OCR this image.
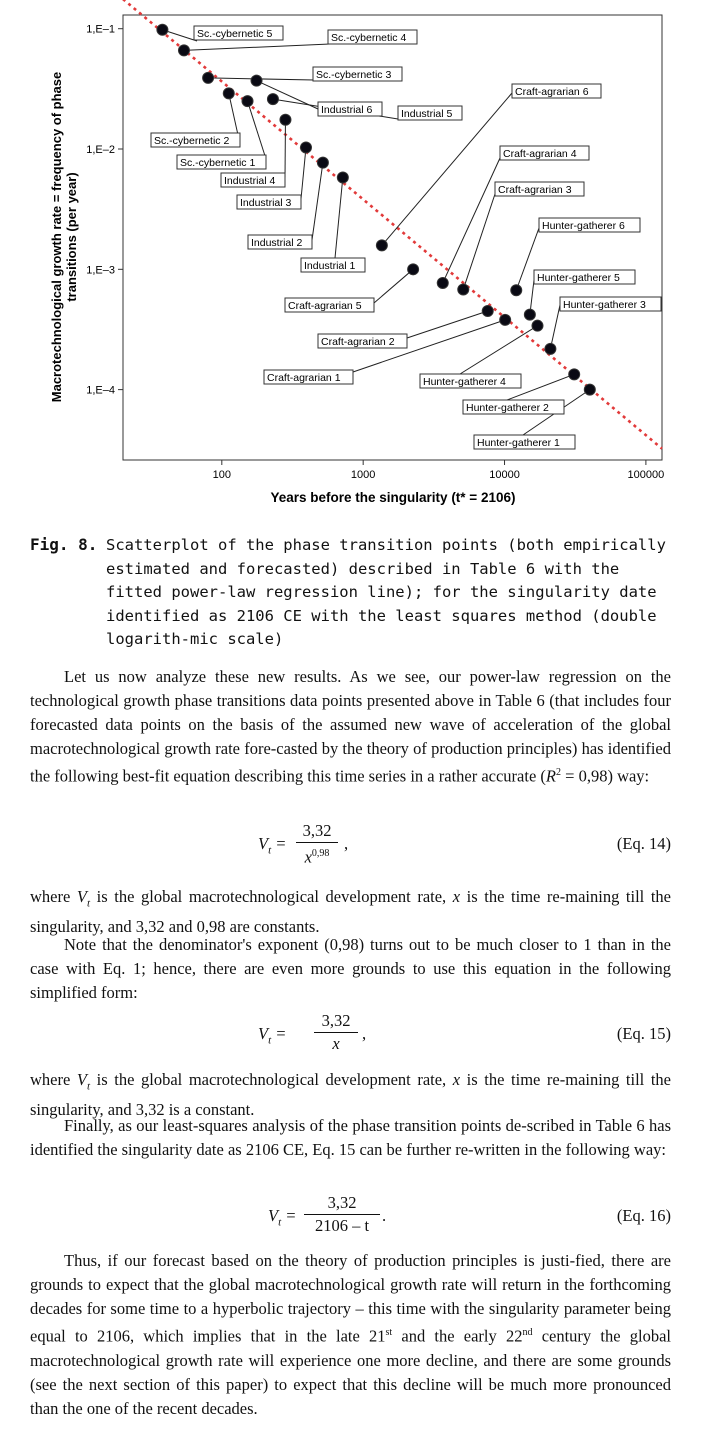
100	1000	10000	100000
1,E–1
1,E–2
1,E–3
1,E–4
Sc.-cybernetic 5	Sc.-cybernetic 4
Sc.-cybernetic 3
Industrial 6
Sc.-cybernetic 2
Sc.-cybernetic 1
Industrial 5
Industrial 4
Industrial 3
Industrial 2
Industrial 1
Craft-agrarian 6
Craft-agrarian 5
Craft-agrarian 4
Craft-agrarian 3
Craft-agrarian 2
Craft-agrarian 1
Hunter-gatherer 6
Hunter-gatherer 5
Hunter-gatherer 4
Hunter-gatherer 3
Hunter-gatherer 2
Hunter-gatherer 1
Years before the singularity (t* = 2106)
Macrotechnological growth rate = frequency of phase transitions (per year)
Fig. 8. Scatterplot of the phase transition points (both empirically estimated and forecasted) described in Table 6 with the fitted power-law regression line); for the singularity date identified as 2106 CE with the least squares method (double logarith-mic scale)

Let us now analyze these new results. As we see, our power-law regression on the technological growth phase transitions data points presented above in Table 6 (that includes four forecasted data points on the basis of the assumed new wave of acceleration of the global macrotechnological growth rate fore-casted by the theory of production principles) has identified the following best-fit equation describing this time series in a rather accurate $(R^2 = 0,98)$ way:

$V_t = \frac{3,32}{x^{0,98}}$ ,	(Eq. 14)

where $V_t$ is the global macrotechnological development rate, x is the time re-maining till the singularity, and 3,32 and 0,98 are constants.

Note that the denominator's exponent (0,98) turns out to be much closer to 1 than in the case with Eq. 1; hence, there are even more grounds to use this equation in the following simplified form:

$V_t = \frac{3,32}{x}$ ,	(Eq. 15)

where $V_t$ is the global macrotechnological development rate, x is the time re-maining till the singularity, and 3,32 is a constant.

Finally, as our least-squares analysis of the phase transition points de-scribed in Table 6 has identified the singularity date as 2106 CE, Eq. 15 can be further re-written in the following way:

$V_t = \frac{3,32}{2106 - t}$ .	(Eq. 16)

Thus, if our forecast based on the theory of production principles is justi-fied, there are grounds to expect that the global macrotechnological growth rate will return in the forthcoming decades for some time to a hyperbolic trajectory – this time with the singularity parameter being equal to 2106, which implies that in the late 21st and the early 22nd century the global macrotechnological growth rate will experience one more decline, and there are some grounds (see the next section of this paper) to expect that this decline will be much more pronounced than the one of the recent decades.
